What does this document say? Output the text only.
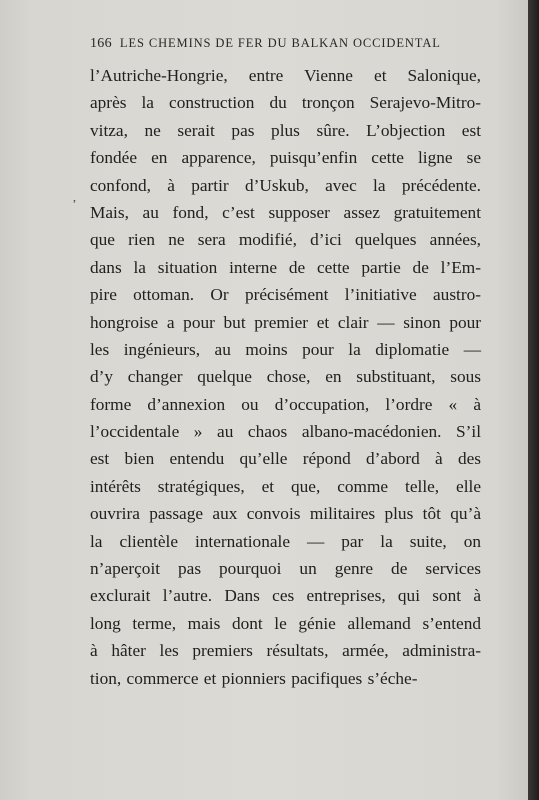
166 LES CHEMINS DE FER DU BALKAN OCCIDENTAL
,
l’Autriche-Hongrie, entre Vienne et Salonique,
après la construction du tronçon Serajevo-Mitro-
vitza, ne serait pas plus sûre. L’objection est
fondée en apparence, puisqu’enfin cette ligne se
confond, à partir d’Uskub, avec la précédente.
Mais, au fond, c’est supposer assez gratuitement
que rien ne sera modifié, d’ici quelques années,
dans la situation interne de cette partie de l’Em-
pire ottoman. Or précisément l’initiative austro-
hongroise a pour but premier et clair — sinon pour
les ingénieurs, au moins pour la diplomatie —
d’y changer quelque chose, en substituant, sous
forme d’annexion ou d’occupation, l’ordre « à
l’occidentale » au chaos albano-macédonien. S’il
est bien entendu qu’elle répond d’abord à des
intérêts stratégiques, et que, comme telle, elle
ouvrira passage aux convois militaires plus tôt qu’à
la clientèle internationale — par la suite, on
n’aperçoit pas pourquoi un genre de services
exclurait l’autre. Dans ces entreprises, qui sont à
long terme, mais dont le génie allemand s’entend
à hâter les premiers résultats, armée, administra-
tion, commerce et pionniers pacifiques s’éche-
